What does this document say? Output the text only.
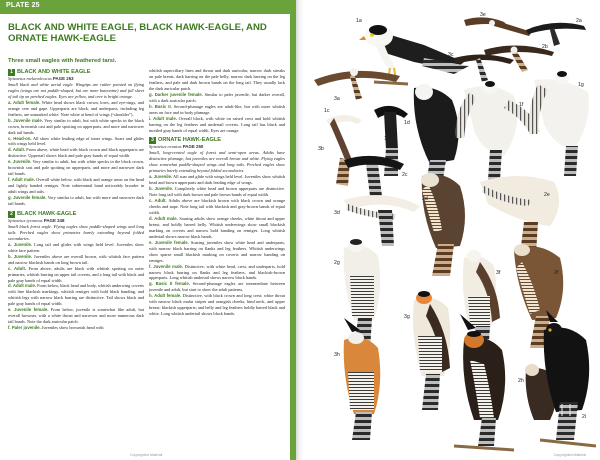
PLATE 25
BLACK AND WHITE EAGLE, BLACK HAWK-EAGLE, AND
ORNATE HAWK-EAGLE
Three small eagles with feathered tarsi.
1 BLACK AND WHITE EAGLE
Spizaetus melanoleucus PAGE 253
Small black and white aerial eagle. Wingtips are rather pointed on flying eagles (wings are not paddle-shaped, but are more buteonine) and full sheet of tail tip on perched eagles. Eyes are yellow, and cere is bright orange.
a. Adult female. White head shows black crown, lores, and eye-rings, and orange cere and gape. Upperparts are black, and underparts, including leg feathers, are unmarked white. Note white at bend of wings (“shoulder”).
b. Juvenile male. Very similar to adult, but with white specks in the black crown, brownish cast and pale spotting on upperparts, and more and narrower dark tail bands.
c. Head-on. All show white leading edge of inner wings. Soars and glides with wings held level.
d. Adult. From above, white head with black crown and black upperparts are distinctive. Uppertail shows black and pale gray bands of equal width.
e. Juvenile. Very similar to adult, but with white specks in the black crown, brownish cast and pale spotting on upperparts, and more and narrower dark tail bands.
f. Adult male. Overall white below, with black and orange areas on the head and lightly banded remiges. Note subterminal band noticeably broader in adult wings and tails.
g. Juvenile female. Very similar to adult, but with more and narrower dark tail bands.
2 BLACK HAWK-EAGLE
Spizaetus tyrannus PAGE 248
Small black forest eagle. Flying eagles show paddle-shaped wings and long tails. Perched eagles show primaries barely extending beyond folded secondaries.
a. Juvenile. Long tail and glides with wings held level. Juveniles show white face pattern.
b. Juvenile. Juveniles above are overall brown, with whitish face pattern and narrow blackish bands on long brown tail.
c. Adult. From above, adults are black with whitish spotting on outer primaries, whitish barring on upper tail coverts, and a long tail with black and pale gray bands of equal width.
d. Adult male. From below, black head and body, whitish underwing coverts with fine blackish markings, whitish remiges with bold black banding, and whitish legs with narrow black barring are distinctive. Tail shows black and pale gray bands of equal width.
e. Juvenile female. From below, juvenile is somewhat like adult, but overall browner, with a white throat and narrower and more numerous dark tail bands. Note the dark auricular patch.
f. Paler juvenile. Juveniles show brownish head with
whitish superciliary lines and throat and dark auricular, narrow dark streaks on pale breast, dark barring on the pale belly, narrow dark barring on the leg feathers, and pale and dark brown bands on the long tail. They usually lack the dark auricular patch.
g. Darker juvenile female. Similar to paler juvenile, but darker overall, with a dark auricular patch.
h. Basic II. Second-plumage eagles are adult-like, but with more whitish areas on face and in body plumage.
i. Adult male. Overall black, with white on raised crest and bold whitish barring on the leg feathers and undertail coverts. Long tail has black and mottled gray bands of equal width. Eyes are orange.
3 ORNATE HAWK-EAGLE
Spizaetus ornatus PAGE 250
Small, long-crested eagle of forest and semi-open areas. Adults have distinctive plumage, but juveniles are overall brown and white. Flying eagles show somewhat paddle-shaped wings and long tails. Perched eagles show primaries barely extending beyond folded secondaries.
a. Juvenile. All soar and glide with wings held level. Juveniles show whitish head and brown upperparts and dark leading edge of wings.
b. Juvenile. Completely white head and brown upperparts are distinctive. Note long tail with dark brown and pale brown bands of equal width.
c. Adult. Adults above are blackish brown with black crown and orange cheeks and nape. Note long tail with blackish and gray-brown bands of equal width.
d. Adult male. Soaring adults show orange cheeks, white throat and upper breast, and boldly barred belly. Whitish underwings show small blackish marking on coverts and narrow bold banding on remiges. Long whitish undertail shows narrow black bands.
e. Juvenile female. Soaring juveniles show white head and underparts, with narrow black barring on flanks and leg feathers. Whitish underwings show sparse small blackish marking on coverts and narrow banding on remiges.
f. Juvenile male. Distinctive, with white head, crest, and underparts, bold narrow black barring on flanks and leg feathers, and blackish-brown upperparts. Long whitish undertail shows narrow black bands.
g. Basic II female. Second-plumage eagles are intermediate between juvenile and adult, but start to show the adult patterns.
h. Adult female. Distinctive, with black crown and long crest; white throat with narrow black malar stripes and orangish cheeks, hind neck, and upper breast; blackish upperparts; and belly and leg feathers boldly barred black and white. Long whitish undertail shows black bands.
Copyrighted Material
1a
1b
1c
1d
1e
1f
1g
2a
2b
2c
2d
2e
2f
2g
2h
2i
3a
3b
3c
3d
3e
3f
3g
3h
Copyrighted Material
